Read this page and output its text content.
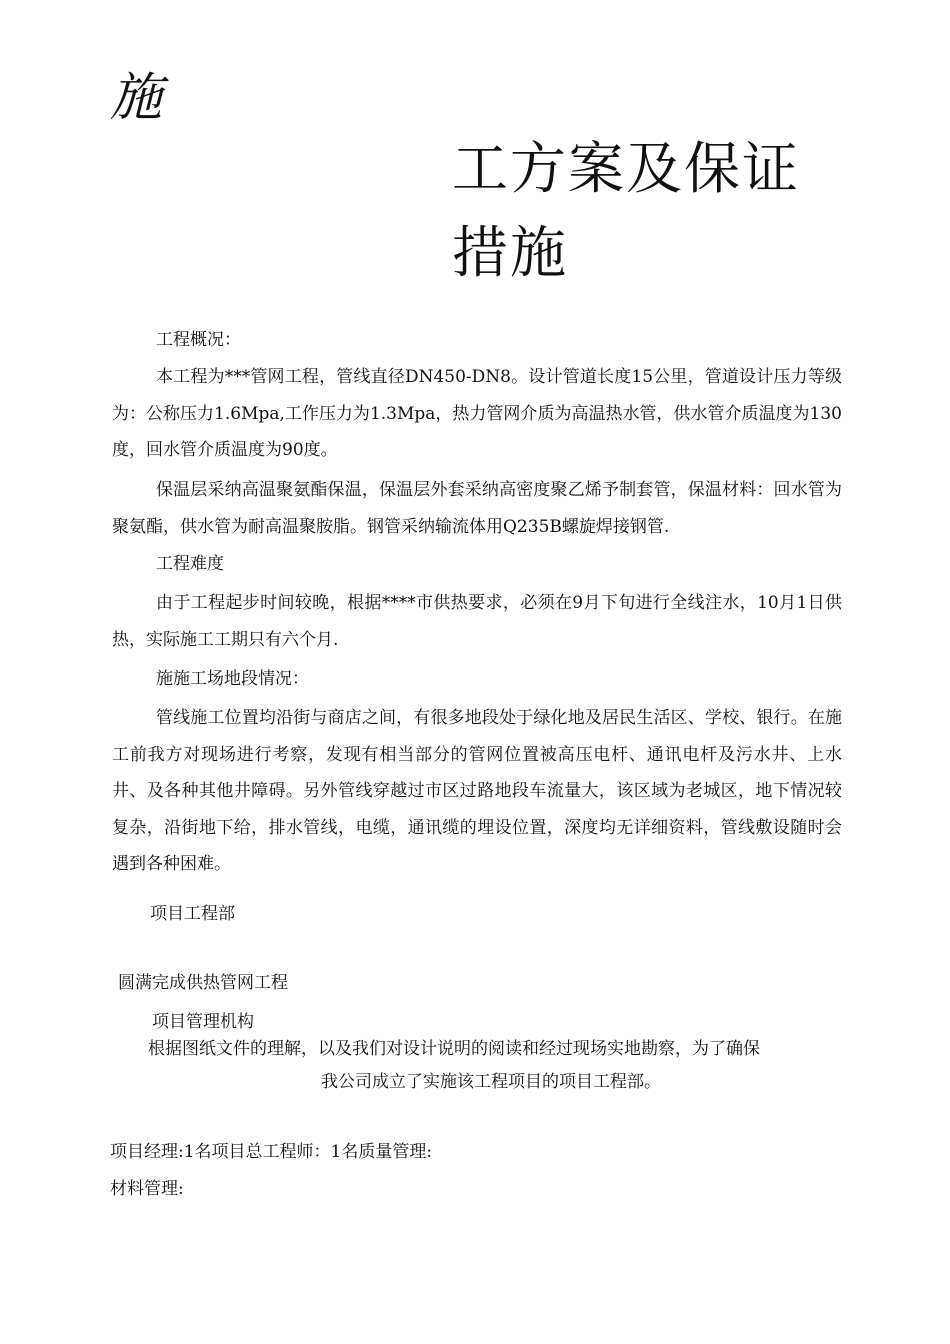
施
工方案及保证
措施
工程概况：
本工程为***管网工程，管线直径DN450-DN8。设计管道长度15公里，管道设计压力等级为：公称压力1.6Mpa,工作压力为1.3Mpa，热力管网介质为高温热水管，供水管介质温度为130度，回水管介质温度为90度。
保温层采纳高温聚氨酯保温，保温层外套采纳高密度聚乙烯予制套管，保温材料：回水管为聚氨酯，供水管为耐高温聚胺脂。钢管采纳输流体用Q235B螺旋焊接钢管.
工程难度
由于工程起步时间较晚，根据****市供热要求，必须在9月下旬进行全线注水，10月1日供热，实际施工工期只有六个月.
施施工场地段情况：
管线施工位置均沿街与商店之间，有很多地段处于绿化地及居民生活区、学校、银行。在施工前我方对现场进行考察，发现有相当部分的管网位置被高压电杆、通讯电杆及污水井、上水井、及各种其他井障碍。另外管线穿越过市区过路地段车流量大，该区域为老城区，地下情况较复杂，沿街地下给，排水管线，电缆，通讯缆的埋设位置，深度均无详细资料，管线敷设随时会遇到各种困难。
项目工程部
圆满完成供热管网工程
项目管理机构
根据图纸文件的理解，以及我们对设计说明的阅读和经过现场实地勘察，为了确保
我公司成立了实施该工程项目的项目工程部。
项目经理:1名项目总工程师：1名质量管理:
材料管理:
